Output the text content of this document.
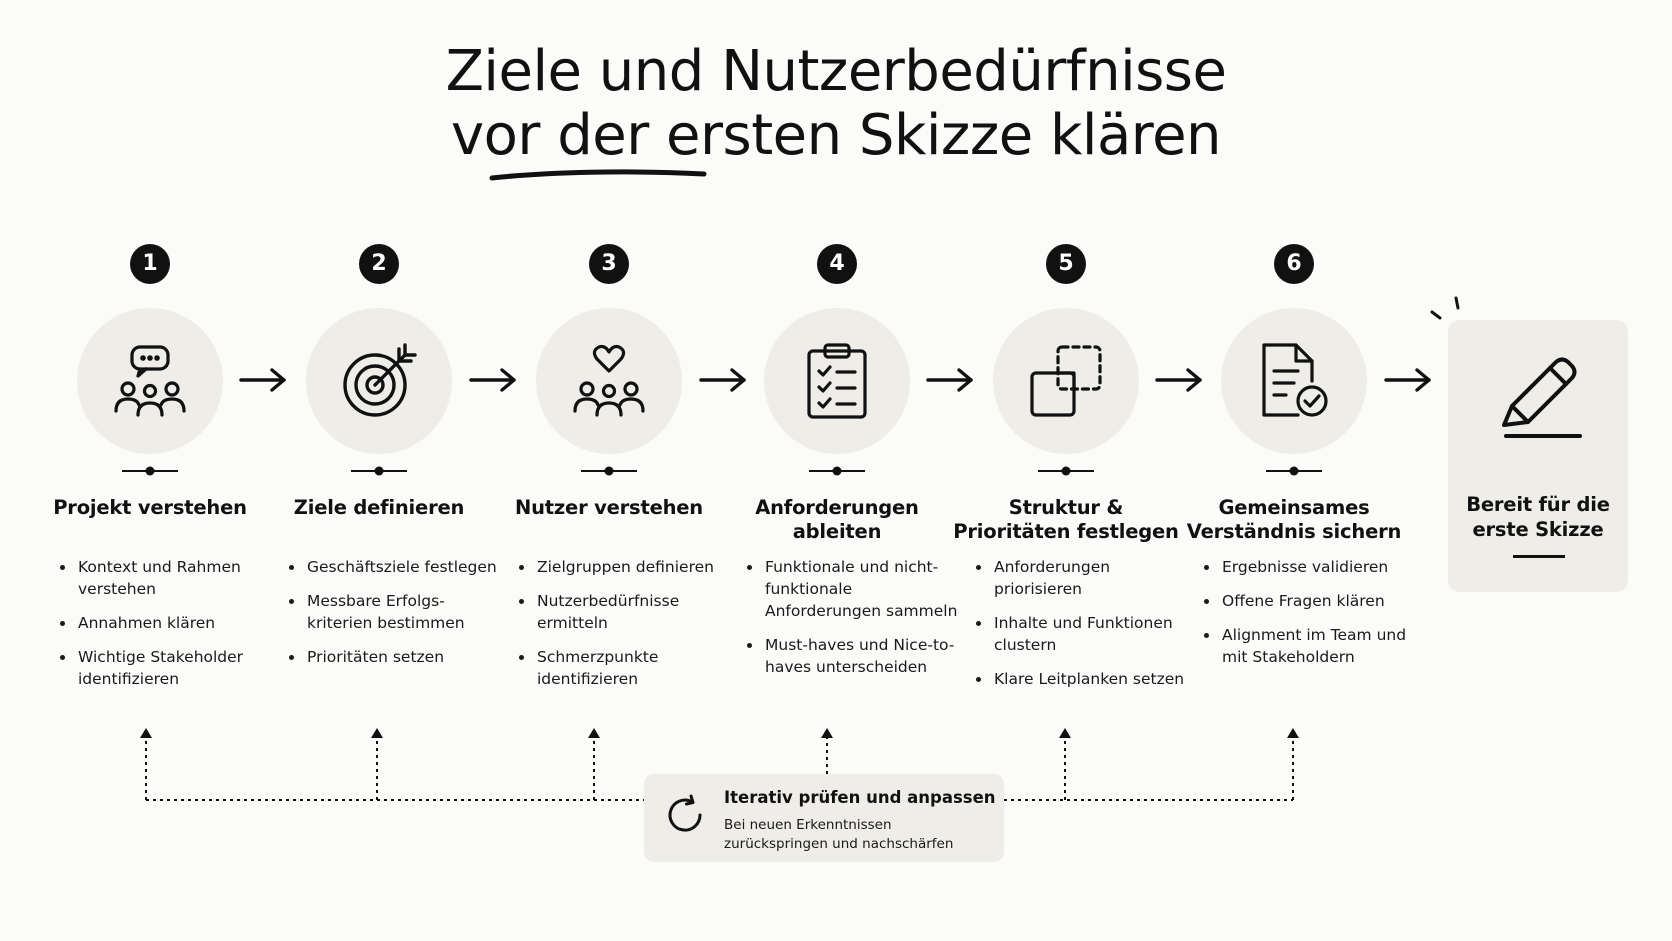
Ziele und Nutzerbedürfnisse
vor der ersten Skizze klären
1
Projekt verstehen
• Kontext und Rahmen verstehen
• Annahmen klären
• Wichtige Stakeholder identifizieren
2
Ziele definieren
• Geschäftsziele festlegen
• Messbare Erfolgs-kriterien bestimmen
• Prioritäten setzen
3
Nutzer verstehen
• Zielgruppen definieren
• Nutzerbedürfnisse ermitteln
• Schmerzpunkte identifizieren
4
Anforderungen ableiten
• Funktionale und nicht-funktionale Anforderungen sammeln
• Must-haves und Nice-to-haves unterscheiden
5
Struktur & Prioritäten festlegen
• Anforderungen priorisieren
• Inhalte und Funktionen clustern
• Klare Leitplanken setzen
6
Gemeinsames Verständnis sichern
• Ergebnisse validieren
• Offene Fragen klären
• Alignment im Team und mit Stakeholdern
Bereit für die erste Skizze
Iterativ prüfen und anpassen
Bei neuen Erkenntnissen zurückspringen und nachschärfen
